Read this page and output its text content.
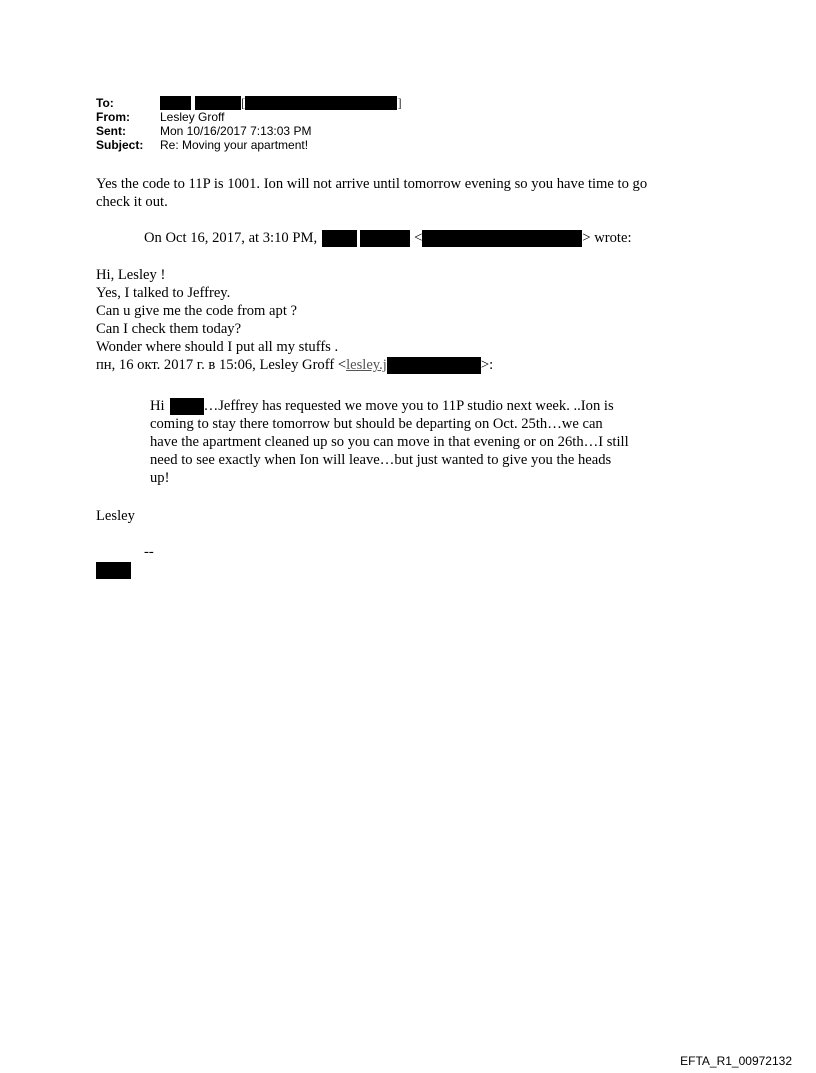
To:	[	]
From:	Lesley Groff
Sent:	Mon 10/16/2017 7:13:03 PM
Subject:	Re: Moving your apartment!
Yes the code to 11P is 1001. Ion will not arrive until tomorrow evening so you have time to go
check it out.
On Oct 16, 2017, at 3:10 PM,	<	> wrote:
Hi, Lesley !
Yes, I talked to Jeffrey.
Can u give me the code from apt ?
Can I check them today?
Wonder where should I put all my stuffs .
пн, 16 окт. 2017 г. в 15:06, Lesley Groff < lesley.j	>:
Hi	…Jeffrey has requested we move you to 11P studio next week. ..Ion is
coming to stay there tomorrow but should be departing on Oct. 25th…we can
have the apartment cleaned up so you can move in that evening or on 26th…I still
need to see exactly when Ion will leave…but just wanted to give you the heads
up!
Lesley
--
EFTA_R1_00972132
